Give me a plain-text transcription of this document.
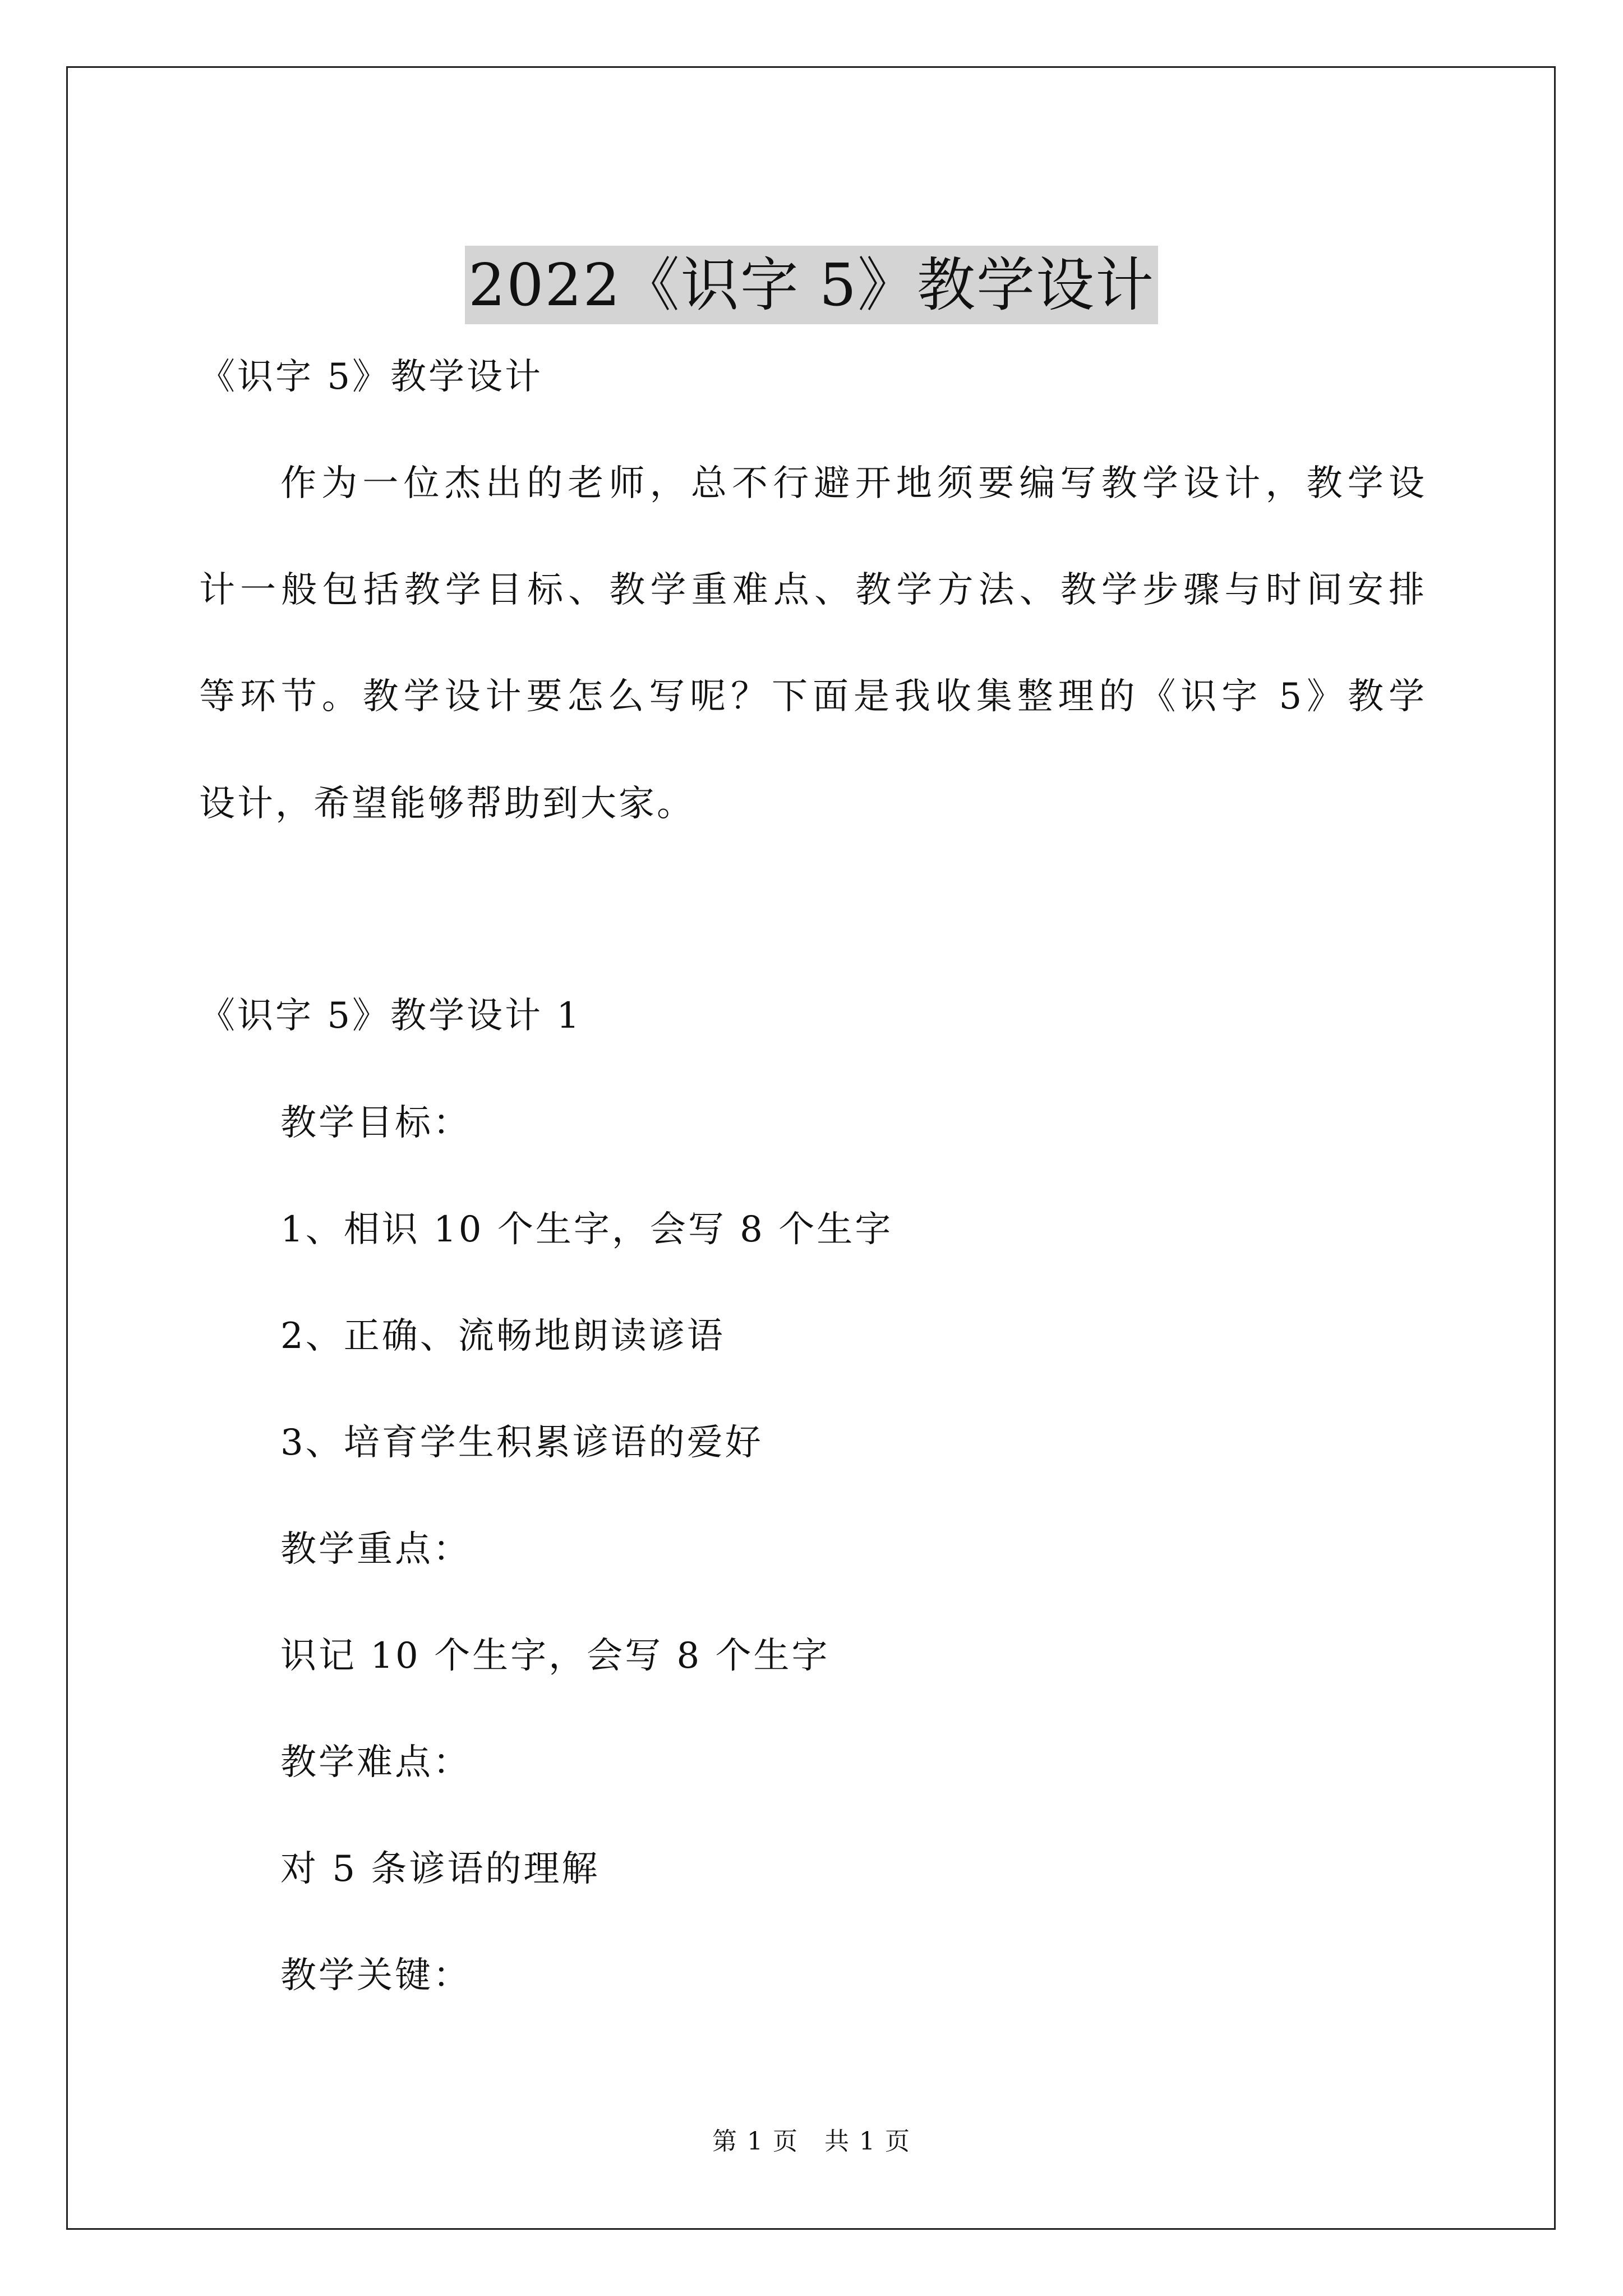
2022《识字 5》教学设计
《识字 5》教学设计
作为一位杰出的老师，总不行避开地须要编写教学设计，教学设
计一般包括教学目标、教学重难点、教学方法、教学步骤与时间安排
等环节。教学设计要怎么写呢？下面是我收集整理的《识字 5》教学
设计，希望能够帮助到大家。
《识字 5》教学设计 1
教学目标：
1、相识 10 个生字，会写 8 个生字
2、正确、流畅地朗读谚语
3、培育学生积累谚语的爱好
教学重点：
识记 10 个生字，会写 8 个生字
教学难点：
对 5 条谚语的理解
教学关键：
第 1 页　共 1 页
